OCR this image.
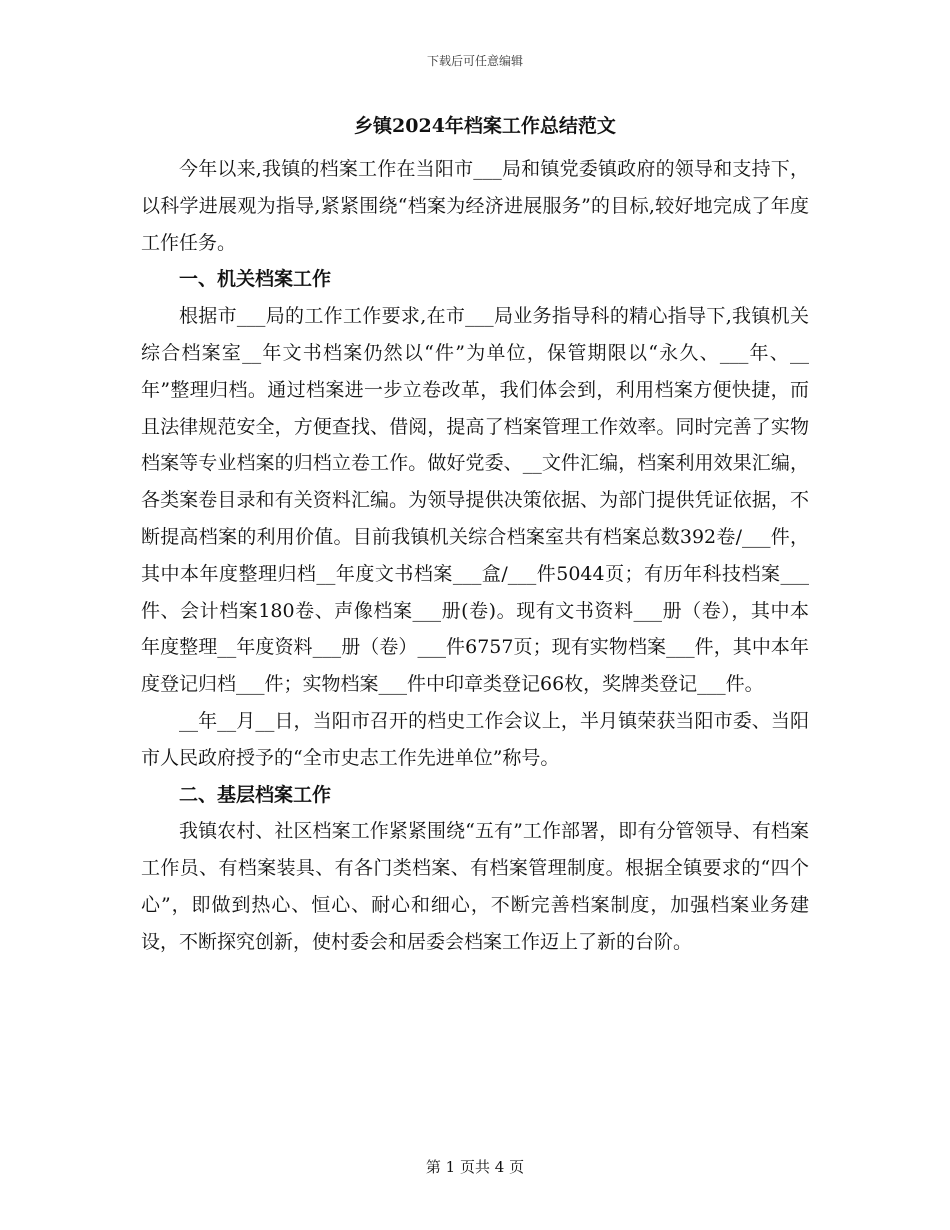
下载后可任意编辑
乡镇2024年档案工作总结范文

今年以来,我镇的档案工作在当阳市___局和镇党委镇政府的领导和支持下，以科学进展观为指导,紧紧围绕“档案为经济进展服务”的目标,较好地完成了年度工作任务。

一、机关档案工作

根据市___局的工作工作要求,在市___局业务指导科的精心指导下,我镇机关综合档案室__年文书档案仍然以“件”为单位，保管期限以“永久、___年、__年”整理归档。通过档案进一步立卷改革，我们体会到，利用档案方便快捷，而且法律规范安全，方便查找、借阅，提高了档案管理工作效率。同时完善了实物档案等专业档案的归档立卷工作。做好党委、__文件汇编，档案利用效果汇编，各类案卷目录和有关资料汇编。为领导提供决策依据、为部门提供凭证依据，不断提高档案的利用价值。目前我镇机关综合档案室共有档案总数392卷/___件，其中本年度整理归档__年度文书档案___盒/___件5044页；有历年科技档案___件、会计档案180卷、声像档案___册(卷)。现有文书资料___册（卷），其中本年度整理__年度资料___册（卷）___件6757页；现有实物档案___件，其中本年度登记归档___件；实物档案___件中印章类登记66枚，奖牌类登记___件。

__年__月__日，当阳市召开的档史工作会议上，半月镇荣获当阳市委、当阳市人民政府授予的“全市史志工作先进单位”称号。

二、基层档案工作

我镇农村、社区档案工作紧紧围绕“五有”工作部署，即有分管领导、有档案工作员、有档案装具、有各门类档案、有档案管理制度。根据全镇要求的“四个心”，即做到热心、恒心、耐心和细心，不断完善档案制度，加强档案业务建设，不断探究创新，使村委会和居委会档案工作迈上了新的台阶。

第 1 页共 4 页
